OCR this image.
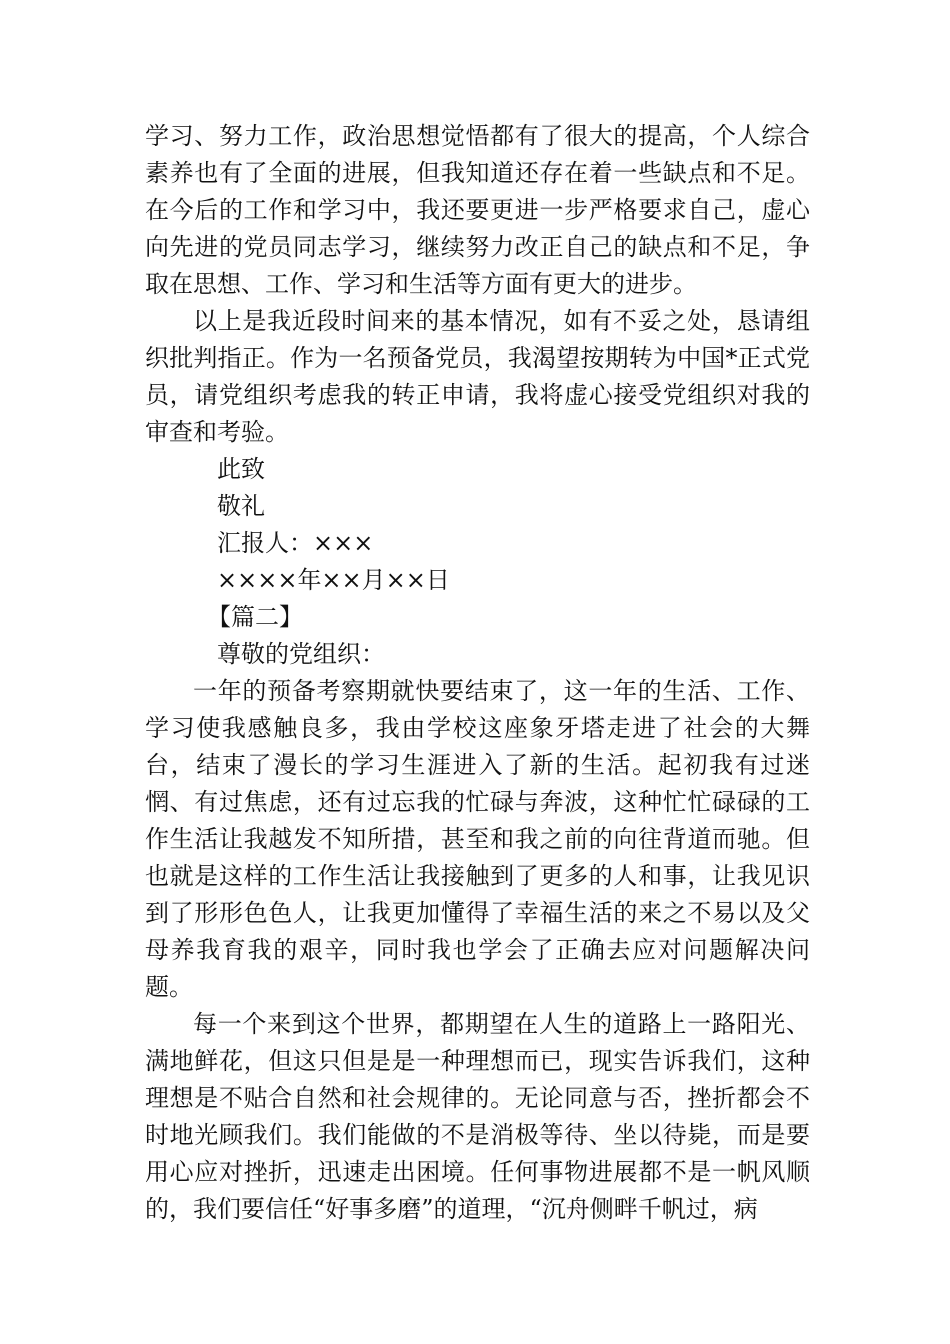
学习、努力工作，政治思想觉悟都有了很大的提高，个人综合素养也有了全面的进展，但我知道还存在着一些缺点和不足。在今后的工作和学习中，我还要更进一步严格要求自己，虚心向先进的党员同志学习，继续努力改正自己的缺点和不足，争取在思想、工作、学习和生活等方面有更大的进步。

以上是我近段时间来的基本情况，如有不妥之处，恳请组织批判指正。作为一名预备党员，我渴望按期转为中国*正式党员，请党组织考虑我的转正申请，我将虚心接受党组织对我的审查和考验。

此致

敬礼

汇报人：×××

××××年××月××日

【篇二】

尊敬的党组织：

一年的预备考察期就快要结束了，这一年的生活、工作、学习使我感触良多，我由学校这座象牙塔走进了社会的大舞台，结束了漫长的学习生涯进入了新的生活。起初我有过迷惘、有过焦虑，还有过忘我的忙碌与奔波，这种忙忙碌碌的工作生活让我越发不知所措，甚至和我之前的向往背道而驰。但也就是这样的工作生活让我接触到了更多的人和事，让我见识到了形形色色人，让我更加懂得了幸福生活的来之不易以及父母养我育我的艰辛，同时我也学会了正确去应对问题解决问题。

每一个来到这个世界，都期望在人生的道路上一路阳光、满地鲜花，但这只但是是一种理想而已，现实告诉我们，这种理想是不贴合自然和社会规律的。无论同意与否，挫折都会不时地光顾我们。我们能做的不是消极等待、坐以待毙，而是要用心应对挫折，迅速走出困境。任何事物进展都不是一帆风顺的，我们要信任“好事多磨”的道理，“沉舟侧畔千帆过，病
